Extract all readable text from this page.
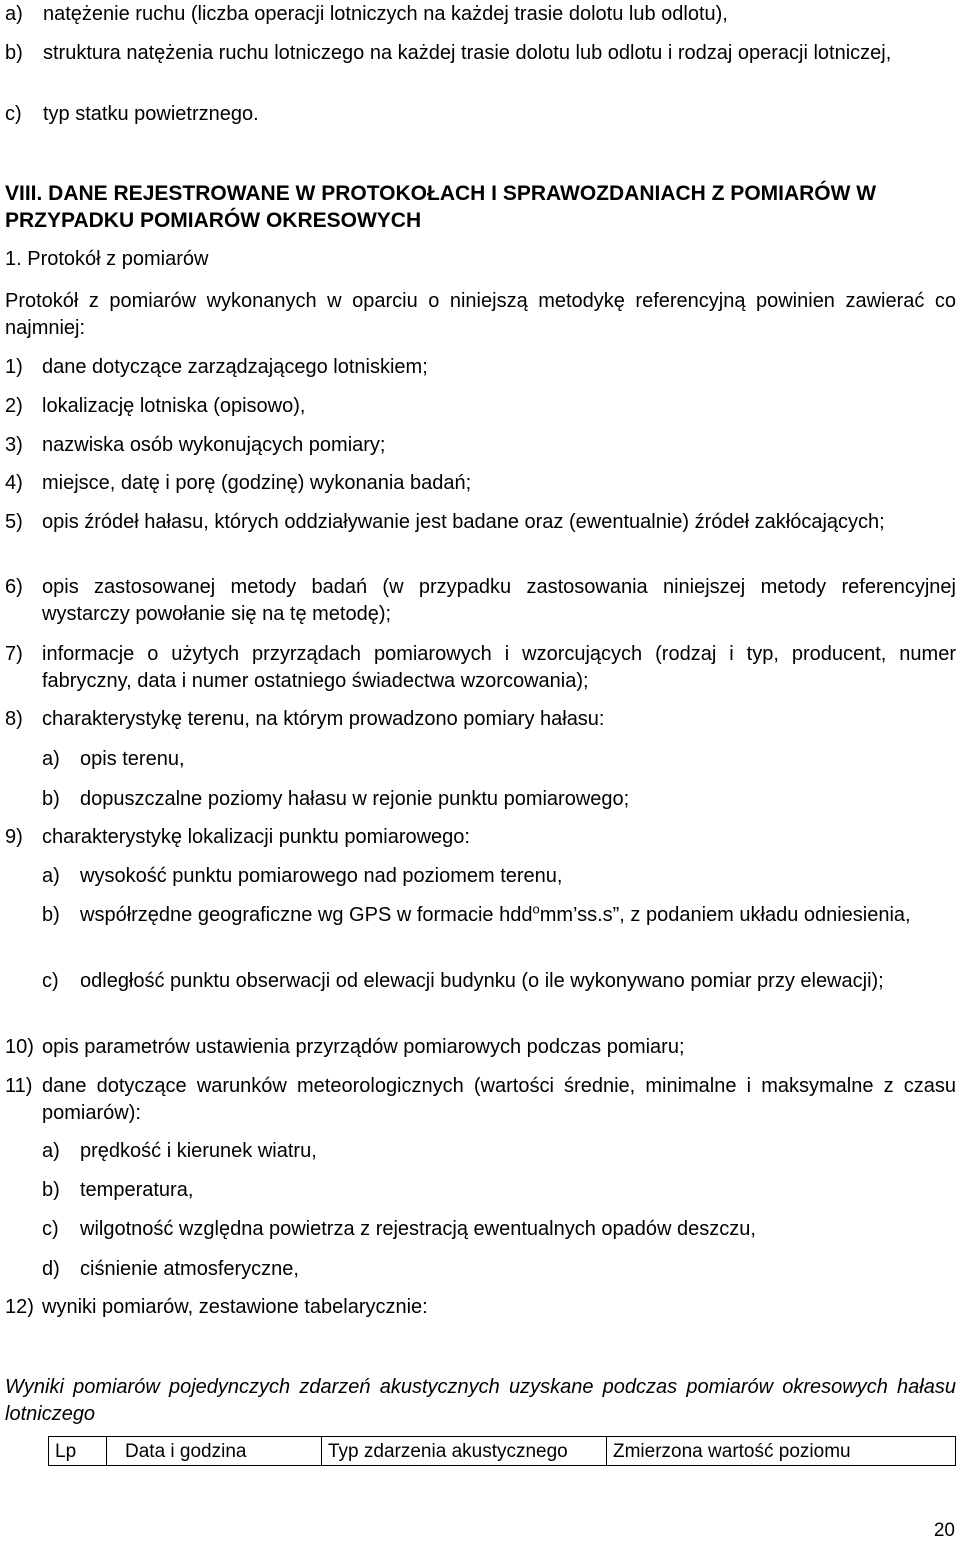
a)	natężenie ruchu (liczba operacji lotniczych na każdej trasie dolotu lub odlotu),
b)	struktura natężenia ruchu lotniczego na każdej trasie dolotu lub odlotu i rodzaj operacji lotniczej,
c)	typ statku powietrznego.
VIII. DANE REJESTROWANE W PROTOKOŁACH I SPRAWOZDANIACH Z POMIARÓW W PRZYPADKU POMIARÓW OKRESOWYCH
1. Protokół z pomiarów
Protokół z pomiarów wykonanych w oparciu o niniejszą metodykę referencyjną powinien zawierać co najmniej:
1) dane dotyczące zarządzającego lotniskiem;
2) lokalizację lotniska (opisowo),
3) nazwiska osób wykonujących pomiary;
4) miejsce, datę i porę (godzinę) wykonania badań;
5) opis źródeł hałasu, których oddziaływanie jest badane oraz (ewentualnie) źródeł zakłócających;
6) opis zastosowanej metody badań (w przypadku zastosowania niniejszej metody referencyjnej wystarczy powołanie się na tę metodę);
7) informacje o użytych przyrządach pomiarowych i wzorcujących (rodzaj i typ, producent, numer fabryczny, data i numer ostatniego świadectwa wzorcowania);
8) charakterystykę terenu, na którym prowadzono pomiary hałasu:
a)	opis terenu,
b)	dopuszczalne poziomy hałasu w rejonie punktu pomiarowego;
9) charakterystykę lokalizacji punktu pomiarowego:
a)	wysokość punktu pomiarowego nad poziomem terenu,
b)	współrzędne geograficzne wg GPS w formacie hdd$^o$mm’ss.s”, z podaniem układu odniesienia,
c)	odległość punktu obserwacji od elewacji budynku (o ile wykonywano pomiar przy elewacji);
10) opis parametrów ustawienia przyrządów pomiarowych podczas pomiaru;
11) dane dotyczące warunków meteorologicznych (wartości średnie, minimalne i maksymalne z czasu pomiarów):
a)	prędkość i kierunek wiatru,
b)	temperatura,
c)	wilgotność względna powietrza z rejestracją ewentualnych opadów deszczu,
d)	ciśnienie atmosferyczne,
12) wyniki pomiarów, zestawione tabelarycznie:
Wyniki pomiarów pojedynczych zdarzeń akustycznych uzyskane podczas pomiarów okresowych hałasu lotniczego
Lp	Data i godzina	Typ zdarzenia akustycznego	Zmierzona wartość poziomu
20
